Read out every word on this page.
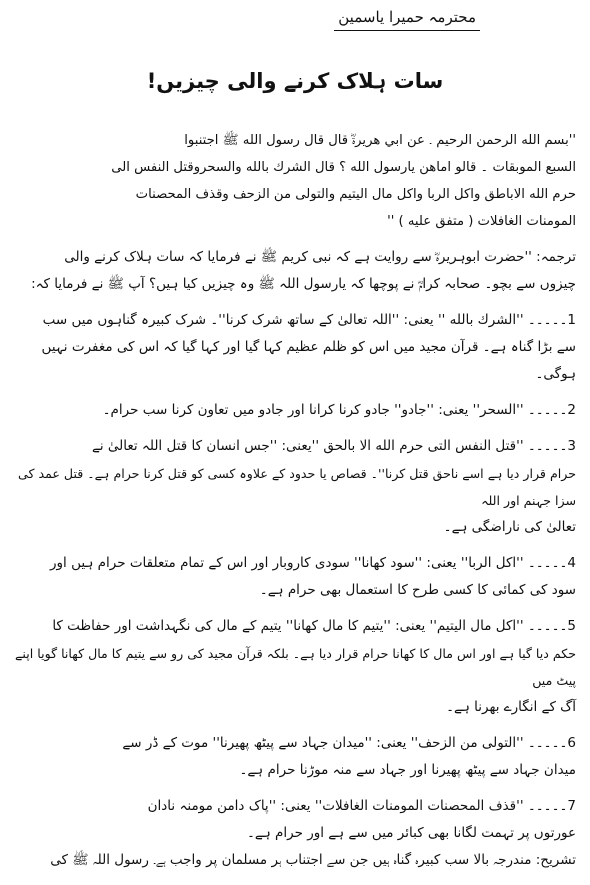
محترمہ حمیرا یاسمین
سات ہلاک کرنے والی چیزیں!

''بسم الله الرحمن الرحيم ۔ عن ابي هريرةؓ قال قال رسول الله ﷺ اجتنبوا

السبع الموبقات ۔ قالو اماهن يارسول الله ؟ قال الشرك بالله والسحروقتل النفس الى

حرم الله الاباطق واكل الربا واكل مال اليتيم والتولى من الزحف وقذف المحصنات

المومنات الغافلات ( متفق عليه ) ''

ترجمہ: ''حضرت ابوہریرہؓ سے روایت ہے کہ نبی کریم ﷺ نے فرمایا کہ سات ہلاک کرنے والی

چیزوں سے بچو۔ صحابہ کرامؓ نے پوچھا کہ یارسول اللہ ﷺ وہ چیزیں کیا ہیں؟ آپ ﷺ نے فرمایا کہ:

1۔۔۔۔۔ ''الشرك بالله '' یعنی: ''اللہ تعالیٰ کے ساتھ شرک کرنا''۔ شرک کبیرہ گناہوں میں سب

سے بڑا گناہ ہے۔ قرآن مجید میں اس کو ظلم عظیم کہا گیا اور کہا گیا کہ اس کی مغفرت نہیں ہوگی۔

2۔۔۔۔۔ ''السحر'' یعنی: ''جادو'' جادو کرنا کرانا اور جادو میں تعاون کرنا سب حرام۔

3۔۔۔۔۔ ''قتل النفس التى حرم الله الا بالحق ''یعنی: ''جس انسان کا قتل اللہ تعالیٰ نے

حرام قرار دیا ہے اسے ناحق قتل کرنا''۔ قصاص یا حدود کے علاوہ کسی کو قتل کرنا حرام ہے۔ قتل عمد کی سزا جہنم اور اللہ

تعالیٰ کی ناراضگی ہے۔

4۔۔۔۔۔ ''اكل الربا'' یعنی: ''سود کھانا'' سودی کاروبار اور اس کے تمام متعلقات حرام ہیں اور

سود کی کمائی کا کسی طرح کا استعمال بھی حرام ہے۔

5۔۔۔۔۔ ''اكل مال اليتيم'' یعنی: ''یتیم کا مال کھانا'' یتیم کے مال کی نگہداشت اور حفاظت کا

حکم دیا گیا ہے اور اس مال کا کھانا حرام قرار دیا ہے۔ بلکہ قرآن مجید کی رو سے یتیم کا مال کھانا گویا اپنے پیٹ میں

آگ کے انگارے بھرنا ہے۔

6۔۔۔۔۔ ''التولى من الزحف'' یعنی: ''میدان جہاد سے پیٹھ پھیرنا'' موت کے ڈر سے

میدان جہاد سے پیٹھ پھیرنا اور جہاد سے منہ موڑنا حرام ہے۔

7۔۔۔۔۔ ''قذف المحصنات المومنات الغافلات'' یعنی: ''پاک دامن مومنہ نادان

عورتوں پر تہمت لگانا بھی کبائر میں سے ہے اور حرام ہے۔

تشریح: مندرجہ بالا سب کبیرہ گناہ ہیں جن سے اجتناب ہر مسلمان پر واجب ہے۔ رسول اللہ ﷺ کی
